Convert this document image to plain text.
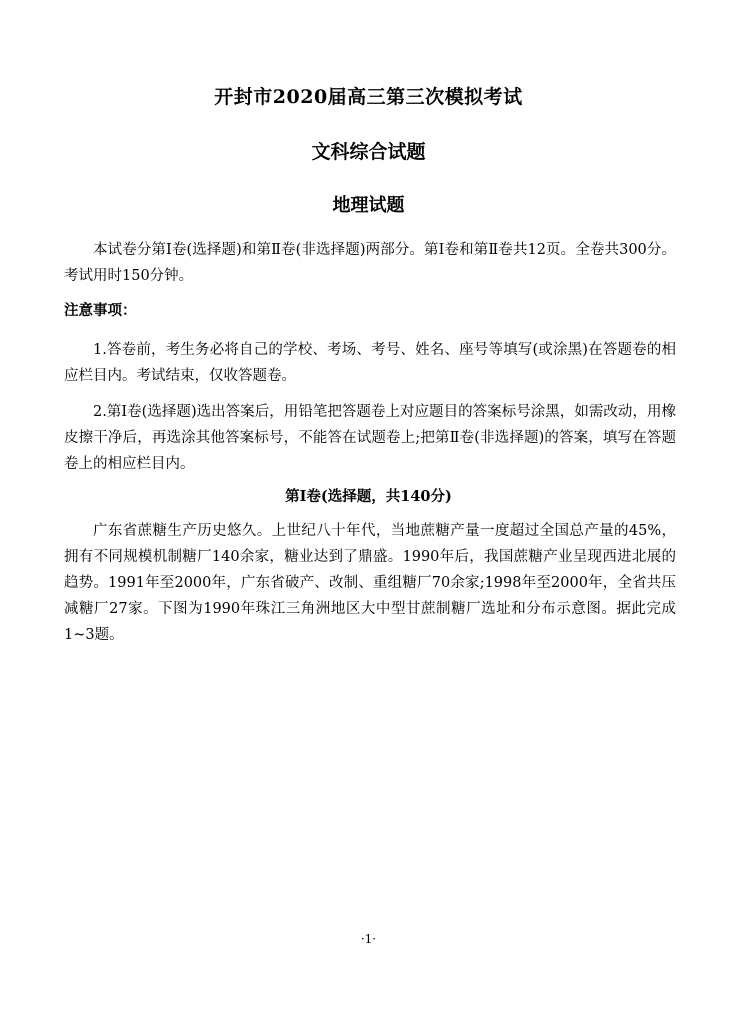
开封市2020届高三第三次模拟考试
文科综合试题
地理试题

本试卷分第Ⅰ卷(选择题)和第Ⅱ卷(非选择题)两部分。第Ⅰ卷和第Ⅱ卷共12页。全卷共300分。考试用时150分钟。

注意事项：

1.答卷前，考生务必将自己的学校、考场、考号、姓名、座号等填写(或涂黑)在答题卷的相应栏目内。考试结束，仅收答题卷。

2.第Ⅰ卷(选择题)选出答案后，用铅笔把答题卷上对应题目的答案标号涂黑，如需改动，用橡皮擦干净后，再选涂其他答案标号，不能答在试题卷上;把第Ⅱ卷(非选择题)的答案，填写在答题卷上的相应栏目内。

第Ⅰ卷(选择题，共140分)

广东省蔗糖生产历史悠久。上世纪八十年代，当地蔗糖产量一度超过全国总产量的45%，拥有不同规模机制糖厂140余家，糖业达到了鼎盛。1990年后，我国蔗糖产业呈现西进北展的趋势。1991年至2000年，广东省破产、改制、重组糖厂70余家;1998年至2000年，全省共压减糖厂27家。下图为1990年珠江三角洲地区大中型甘蔗制糖厂选址和分布示意图。据此完成1~3题。

·1·
